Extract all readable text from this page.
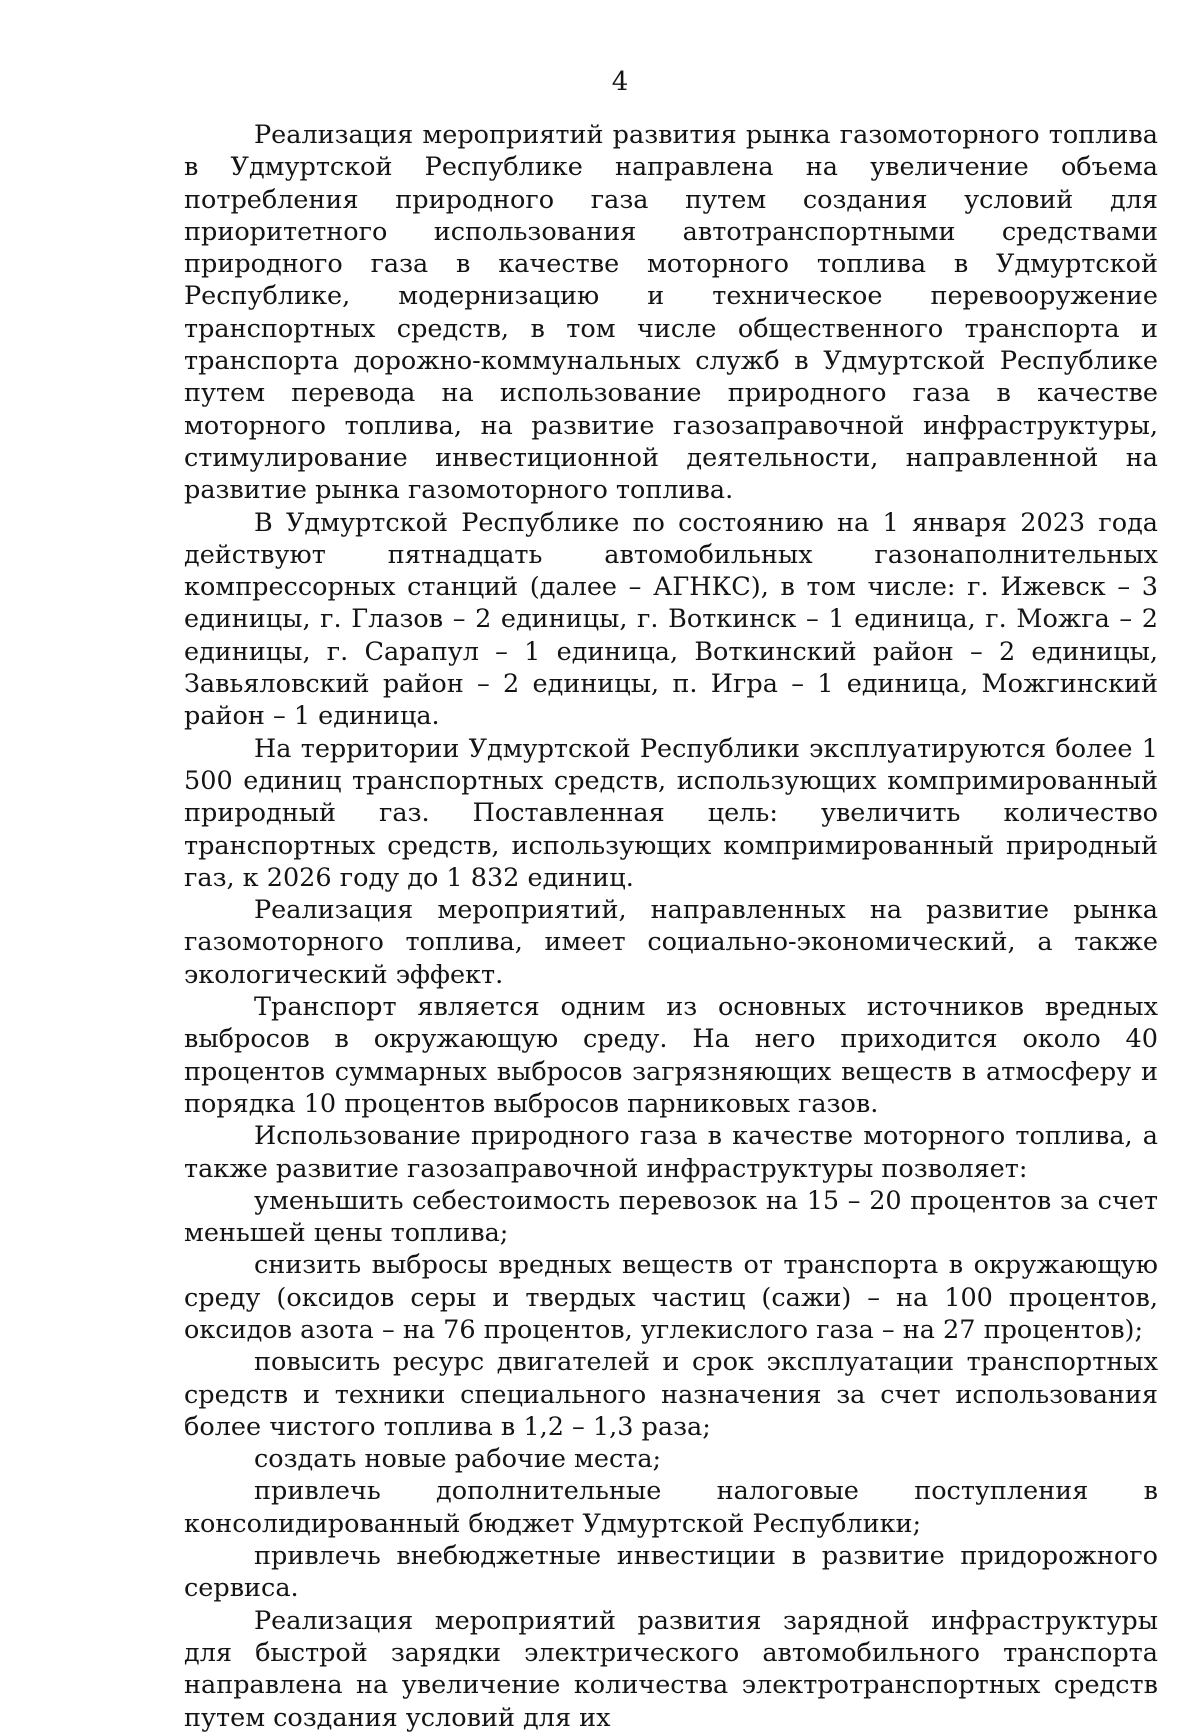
4

Реализация мероприятий развития рынка газомоторного топлива в Удмуртской Республике направлена на увеличение объема потребления природного газа путем создания условий для приоритетного использования автотранспортными средствами природного газа в качестве моторного топлива в Удмуртской Республике, модернизацию и техническое перевооружение транспортных средств, в том числе общественного транспорта и транспорта дорожно-коммунальных служб в Удмуртской Республике путем перевода на использование природного газа в качестве моторного топлива, на развитие газозаправочной инфраструктуры, стимулирование инвестиционной деятельности, направленной на развитие рынка газомоторного топлива.

В Удмуртской Республике по состоянию на 1 января 2023 года действуют пятнадцать автомобильных газонаполнительных компрессорных станций (далее – АГНКС), в том числе: г. Ижевск – 3 единицы, г. Глазов – 2 единицы, г. Воткинск – 1 единица, г. Можга – 2 единицы, г. Сарапул – 1 единица, Воткинский район – 2 единицы, Завьяловский район – 2 единицы, п. Игра – 1 единица, Можгинский район – 1 единица.

На территории Удмуртской Республики эксплуатируются более 1 500 единиц транспортных средств, использующих компримированный природный газ. Поставленная цель: увеличить количество транспортных средств, использующих компримированный природный газ, к 2026 году до 1 832 единиц.

Реализация мероприятий, направленных на развитие рынка газомоторного топлива, имеет социально-экономический, а также экологический эффект.

Транспорт является одним из основных источников вредных выбросов в окружающую среду. На него приходится около 40 процентов суммарных выбросов загрязняющих веществ в атмосферу и порядка 10 процентов выбросов парниковых газов.

Использование природного газа в качестве моторного топлива, а также развитие газозаправочной инфраструктуры позволяет:

уменьшить себестоимость перевозок на 15 – 20 процентов за счет меньшей цены топлива;

снизить выбросы вредных веществ от транспорта в окружающую среду (оксидов серы и твердых частиц (сажи) – на 100 процентов, оксидов азота – на 76 процентов, углекислого газа – на 27 процентов);

повысить ресурс двигателей и срок эксплуатации транспортных средств и техники специального назначения за счет использования более чистого топлива в 1,2 – 1,3 раза;

создать новые рабочие места;

привлечь дополнительные налоговые поступления в консолидированный бюджет Удмуртской Республики;

привлечь внебюджетные инвестиции в развитие придорожного сервиса.

Реализация мероприятий развития зарядной инфраструктуры для быстрой зарядки электрического автомобильного транспорта направлена на увеличение количества электротранспортных средств путем создания условий для их
